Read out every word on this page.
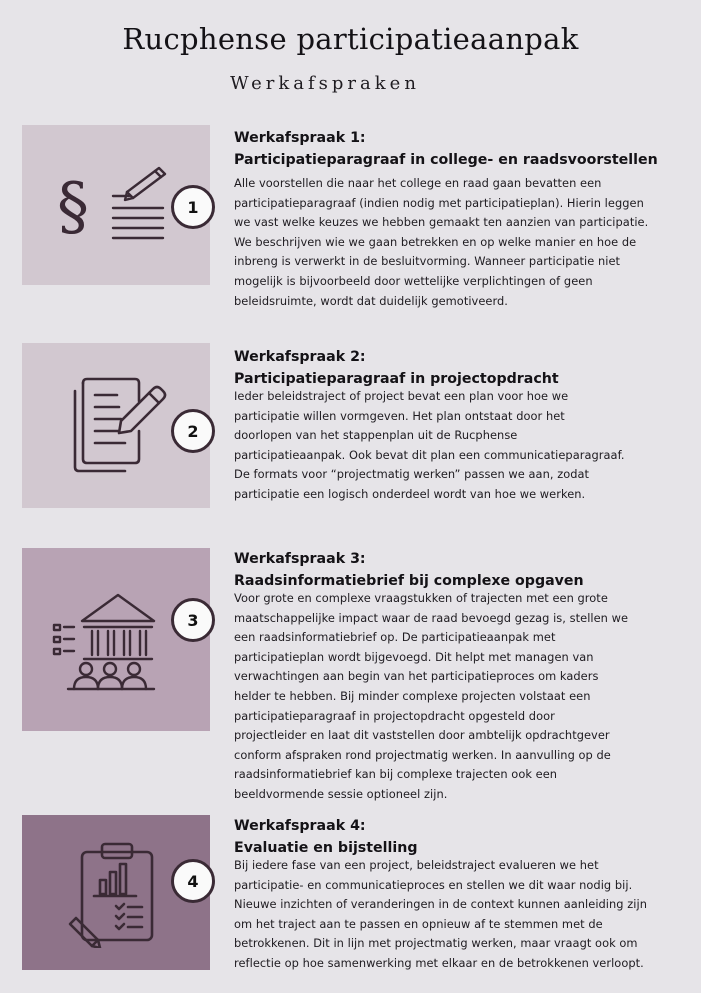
Rucphense participatieaanpak
Werkafspraken
§	1
Werkafspraak 1:
Participatieparagraaf in college- en raadsvoorstellen
Alle voorstellen die naar het college en raad gaan bevatten een
participatieparagraaf (indien nodig met participatieplan). Hierin leggen
we vast welke keuzes we hebben gemaakt ten aanzien van participatie.
We beschrijven wie we gaan betrekken en op welke manier en hoe de
inbreng is verwerkt in de besluitvorming. Wanneer participatie niet
mogelijk is bijvoorbeeld door wettelijke verplichtingen of geen
beleidsruimte, wordt dat duidelijk gemotiveerd.
2
Werkafspraak 2:
Participatieparagraaf in projectopdracht
Ieder beleidstraject of project bevat een plan voor hoe we
participatie willen vormgeven. Het plan ontstaat door het
doorlopen van het stappenplan uit de Rucphense
participatieaanpak. Ook bevat dit plan een communicatieparagraaf.
De formats voor “projectmatig werken” passen we aan, zodat
participatie een logisch onderdeel wordt van hoe we werken.
3
Werkafspraak 3:
Raadsinformatiebrief bij complexe opgaven
Voor grote en complexe vraagstukken of trajecten met een grote
maatschappelijke impact waar de raad bevoegd gezag is, stellen we
een raadsinformatiebrief op. De participatieaanpak met
participatieplan wordt bijgevoegd. Dit helpt met managen van
verwachtingen aan begin van het participatieproces om kaders
helder te hebben. Bij minder complexe projecten volstaat een
participatieparagraaf in projectopdracht opgesteld door
projectleider en laat dit vaststellen door ambtelijk opdrachtgever
conform afspraken rond projectmatig werken. In aanvulling op de
raadsinformatiebrief kan bij complexe trajecten ook een
beeldvormende sessie optioneel zijn.
4
Werkafspraak 4:
Evaluatie en bijstelling
Bij iedere fase van een project, beleidstraject evalueren we het
participatie- en communicatieproces en stellen we dit waar nodig bij.
Nieuwe inzichten of veranderingen in de context kunnen aanleiding zijn
om het traject aan te passen en opnieuw af te stemmen met de
betrokkenen. Dit in lijn met projectmatig werken, maar vraagt ook om
reflectie op hoe samenwerking met elkaar en de betrokkenen verloopt.
